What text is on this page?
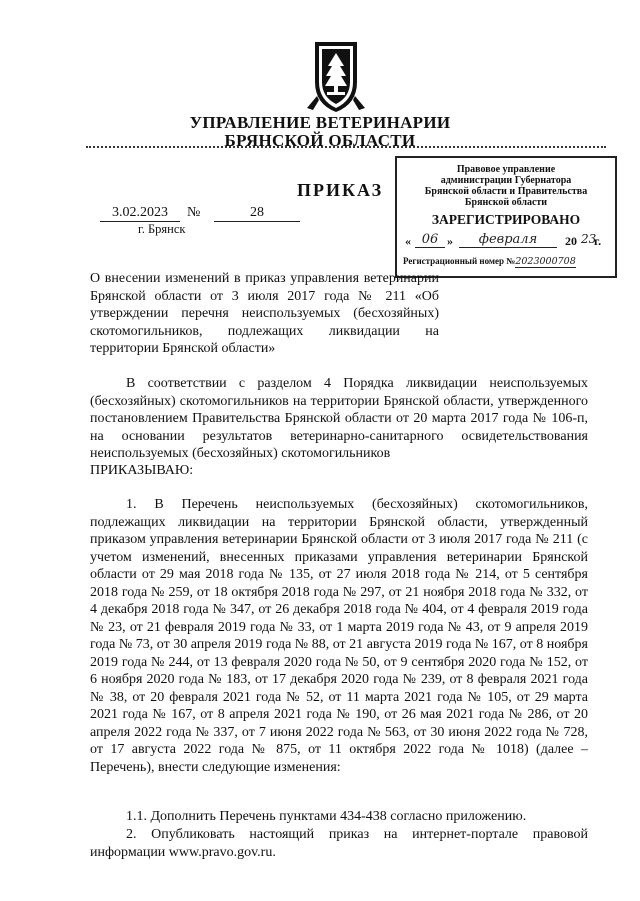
УПРАВЛЕНИЕ ВЕТЕРИНАРИИ
БРЯНСКОЙ ОБЛАСТИ
ПРИКАЗ
3.02.2023	№	28
г. Брянск
Правовое управление
администрации Губернатора
Брянской области и Правительства
Брянской области
ЗАРЕГИСТРИРОВАНО
« 06 »	февраля	20 23
г.
Регистрационный номер №2023000708
О внесении изменений в приказ управления ветеринарии Брянской области от 3 июля 2017 года № 211 «Об утверждении перечня неиспользуемых (бесхозяйных) скотомогильников, подлежащих ликвидации на территории Брянской области»
В соответствии с разделом 4 Порядка ликвидации неиспользуемых (бесхозяйных) скотомогильников на территории Брянской области, утвержденного постановлением Правительства Брянской области от 20 марта 2017 года № 106-п, на основании результатов ветеринарно-санитарного освидетельствования неиспользуемых (бесхозяйных) скотомогильников
ПРИКАЗЫВАЮ:
1. В Перечень неиспользуемых (бесхозяйных) скотомогильников, подлежащих ликвидации на территории Брянской области, утвержденный приказом управления ветеринарии Брянской области от 3 июля 2017 года № 211 (с учетом изменений, внесенных приказами управления ветеринарии Брянской области от 29 мая 2018 года № 135, от 27 июля 2018 года № 214, от 5 сентября 2018 года № 259, от 18 октября 2018 года № 297, от 21 ноября 2018 года № 332, от 4 декабря 2018 года № 347, от 26 декабря 2018 года № 404, от 4 февраля 2019 года № 23, от 21 февраля 2019 года № 33, от 1 марта 2019 года № 43, от 9 апреля 2019 года № 73, от 30 апреля 2019 года № 88, от 21 августа 2019 года № 167, от 8 ноября 2019 года № 244, от 13 февраля 2020 года № 50, от 9 сентября 2020 года № 152, от 6 ноября 2020 года № 183, от 17 декабря 2020 года № 239, от 8 февраля 2021 года № 38, от 20 февраля 2021 года № 52, от 11 марта 2021 года № 105, от 29 марта 2021 года № 167, от 8 апреля 2021 года № 190, от 26 мая 2021 года № 286, от 20 апреля 2022 года № 337, от 7 июня 2022 года № 563, от 30 июня 2022 года № 728, от 17 августа 2022 года № 875, от 11 октября 2022 года № 1018) (далее – Перечень), внести следующие изменения:
1.1. Дополнить Перечень пунктами 434-438 согласно приложению.
2. Опубликовать настоящий приказ на интернет-портале правовой информации www.pravo.gov.ru.
